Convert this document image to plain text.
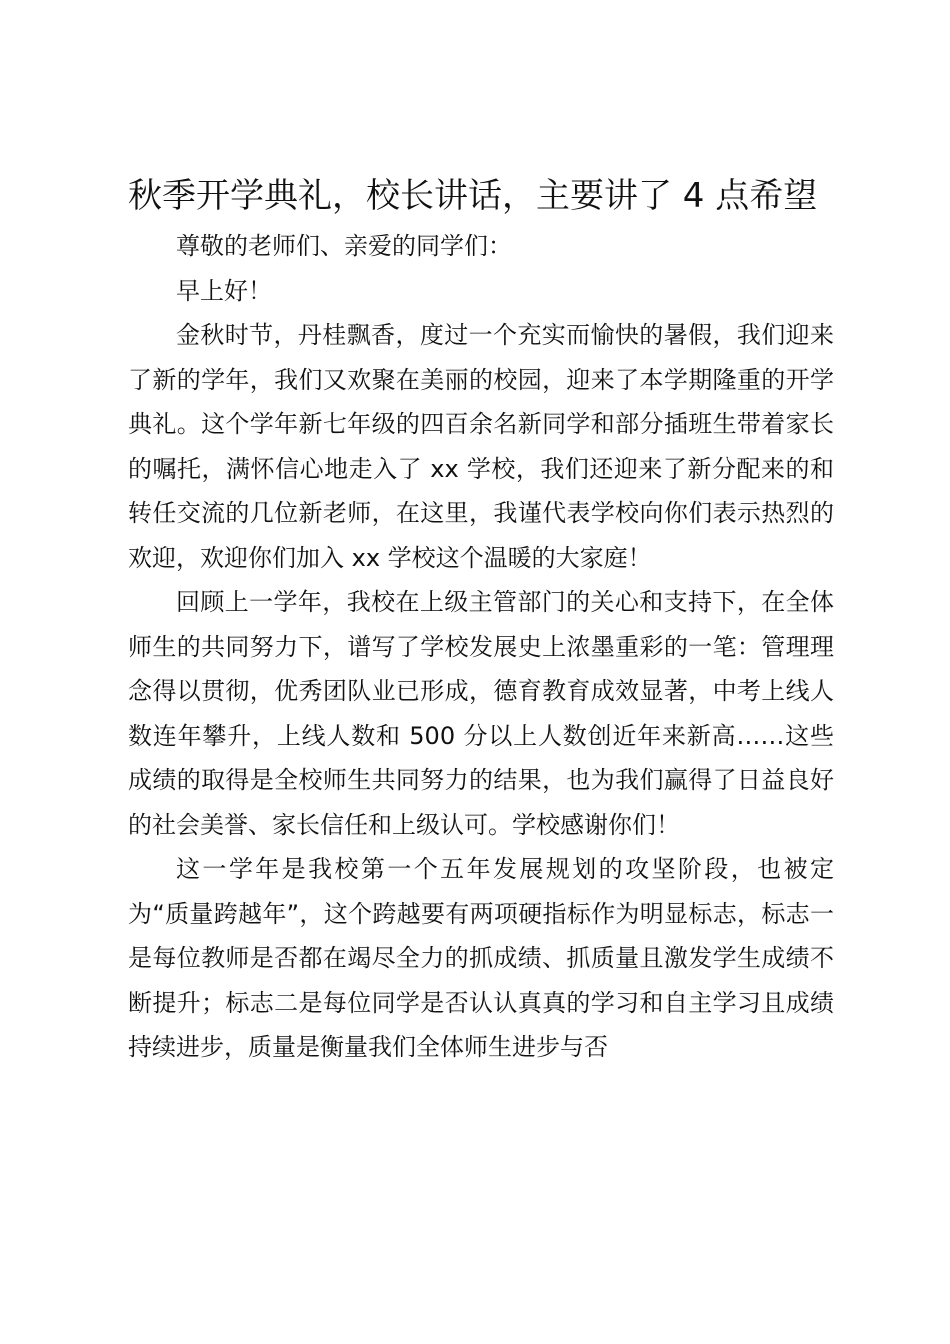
秋季开学典礼，校长讲话，主要讲了 4 点希望

尊敬的老师们、亲爱的同学们：

早上好！

金秋时节，丹桂飘香，度过一个充实而愉快的暑假，我们迎来了新的学年，我们又欢聚在美丽的校园，迎来了本学期隆重的开学典礼。这个学年新七年级的四百余名新同学和部分插班生带着家长的嘱托，满怀信心地走入了 xx 学校，我们还迎来了新分配来的和转任交流的几位新老师，在这里，我谨代表学校向你们表示热烈的欢迎，欢迎你们加入 xx 学校这个温暖的大家庭！

回顾上一学年，我校在上级主管部门的关心和支持下，在全体师生的共同努力下，谱写了学校发展史上浓墨重彩的一笔：管理理念得以贯彻，优秀团队业已形成，德育教育成效显著，中考上线人数连年攀升，上线人数和 500 分以上人数创近年来新高……这些成绩的取得是全校师生共同努力的结果，也为我们赢得了日益良好的社会美誉、家长信任和上级认可。学校感谢你们！

这一学年是我校第一个五年发展规划的攻坚阶段，也被定为“质量跨越年”，这个跨越要有两项硬指标作为明显标志，标志一是每位教师是否都在竭尽全力的抓成绩、抓质量且激发学生成绩不断提升；标志二是每位同学是否认认真真的学习和自主学习且成绩持续进步，质量是衡量我们全体师生进步与否
